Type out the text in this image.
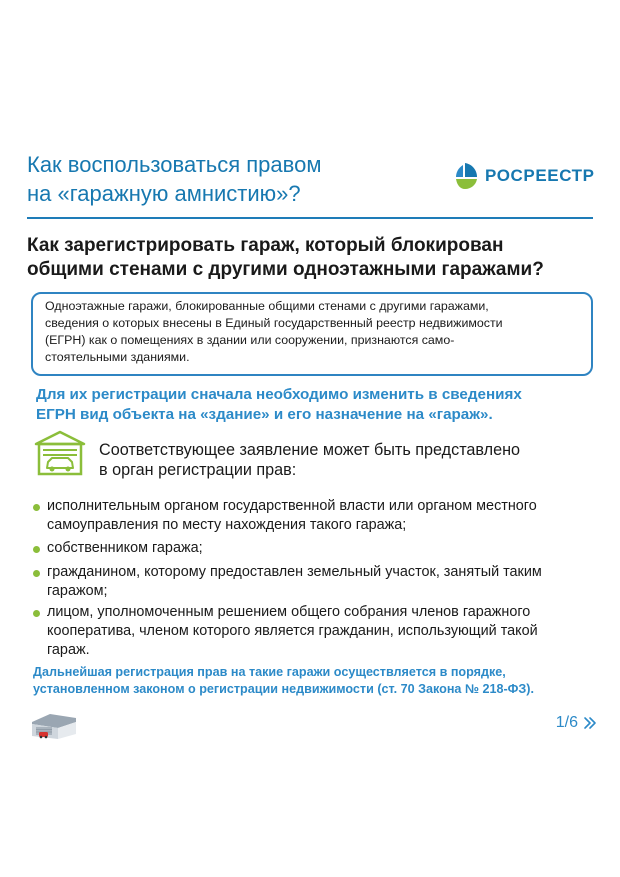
Как воспользоваться правом
на «гаражную амнистию»?
РОСРЕЕСТР
Как зарегистрировать гараж, который блокирован
общими стенами с другими одноэтажными гаражами?
Одноэтажные гаражи, блокированные общими стенами с другими гаражами,
сведения о которых внесены в Единый государственный реестр недвижимости
(ЕГРН) как о помещениях в здании или сооружении, признаются само-
стоятельными зданиями.
Для их регистрации сначала необходимо изменить в сведениях
ЕГРН вид объекта на «здание» и его назначение на «гараж».
Соответствующее заявление может быть представлено
в орган регистрации прав:
исполнительным органом государственной власти или органом местного
самоуправления по месту нахождения такого гаража;
собственником гаража;
гражданином, которому предоставлен земельный участок, занятый таким
гаражом;
лицом, уполномоченным решением общего собрания членов гаражного
кооператива, членом которого является гражданин, использующий такой
гараж.
Дальнейшая регистрация прав на такие гаражи осуществляется в порядке,
установленном законом о регистрации недвижимости (ст. 70 Закона № 218-ФЗ).
1/6
